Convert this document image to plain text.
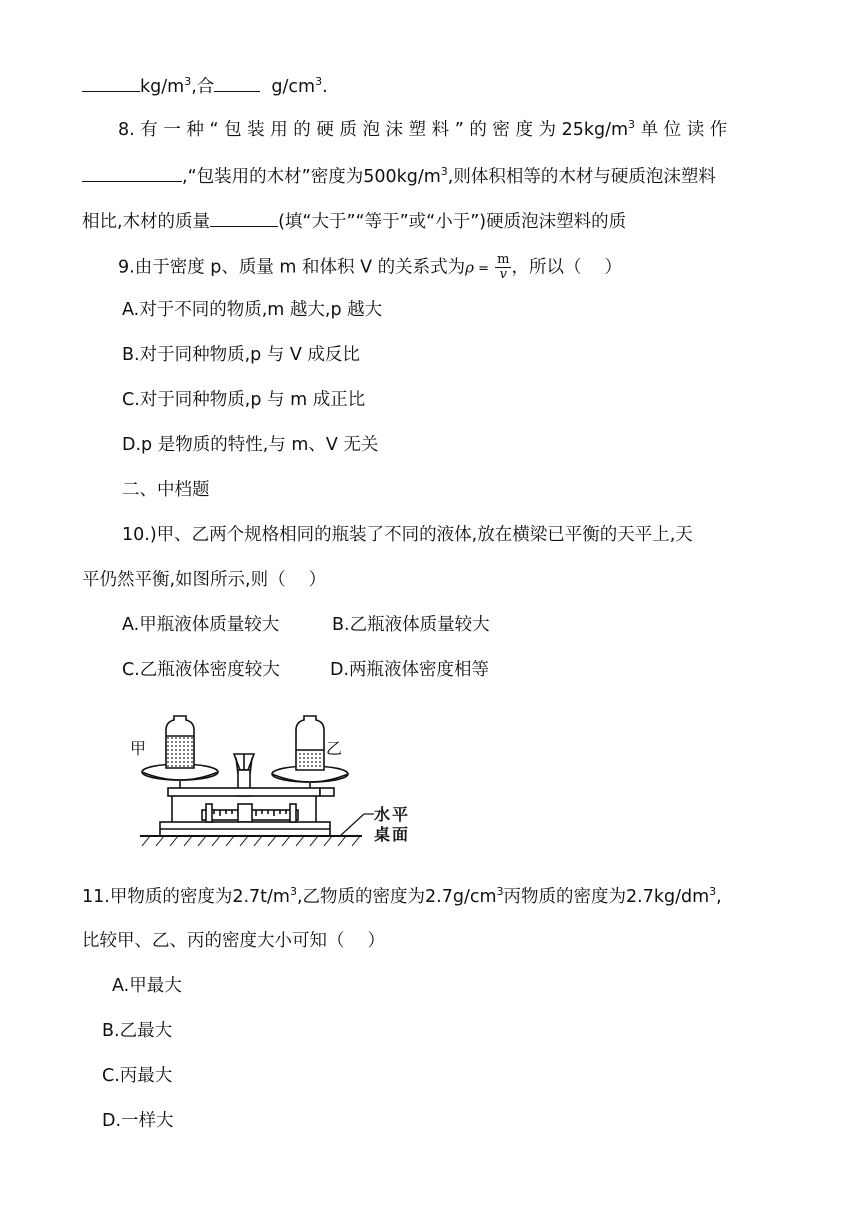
$kg/m^3$,合	$g/cm^3$.
8. 有 一 种 “ 包 装 用 的 硬 质 泡 沫 塑 料 ” 的 密 度 为 $25kg/m^3$ 单 位 读 作
,“包装用的木材”密度为$500kg/m^3$,则体积相等的木材与硬质泡沫塑料
相比,木材的质量	(填“大于”“等于”或“小于”)硬质泡沫塑料的质
9.由于密度 p、质量 m 和体积 V 的关系式为$\rho = \frac{m}{v}$ ，所以（　 ）
A.对于不同的物质,m 越大,p 越大
B.对于同种物质,p 与 V 成反比
C.对于同种物质,p 与 m 成正比
D.p 是物质的特性,与 m、V 无关
二、中档题
10.)甲、乙两个规格相同的瓶装了不同的液体,放在横梁已平衡的天平上,天
平仍然平衡,如图所示,则（　 ）
A.甲瓶液体质量较大	B.乙瓶液体质量较大
C.乙瓶液体密度较大	D.两瓶液体密度相等
甲	乙
水平
桌面
11.甲物质的密度为$2.7t/m^3$,乙物质的密度为$2.7g/cm^3$丙物质的密度为$2.7kg/dm^3$,
比较甲、乙、丙的密度大小可知（　 ）
A.甲最大
B.乙最大
C.丙最大
D.一样大
